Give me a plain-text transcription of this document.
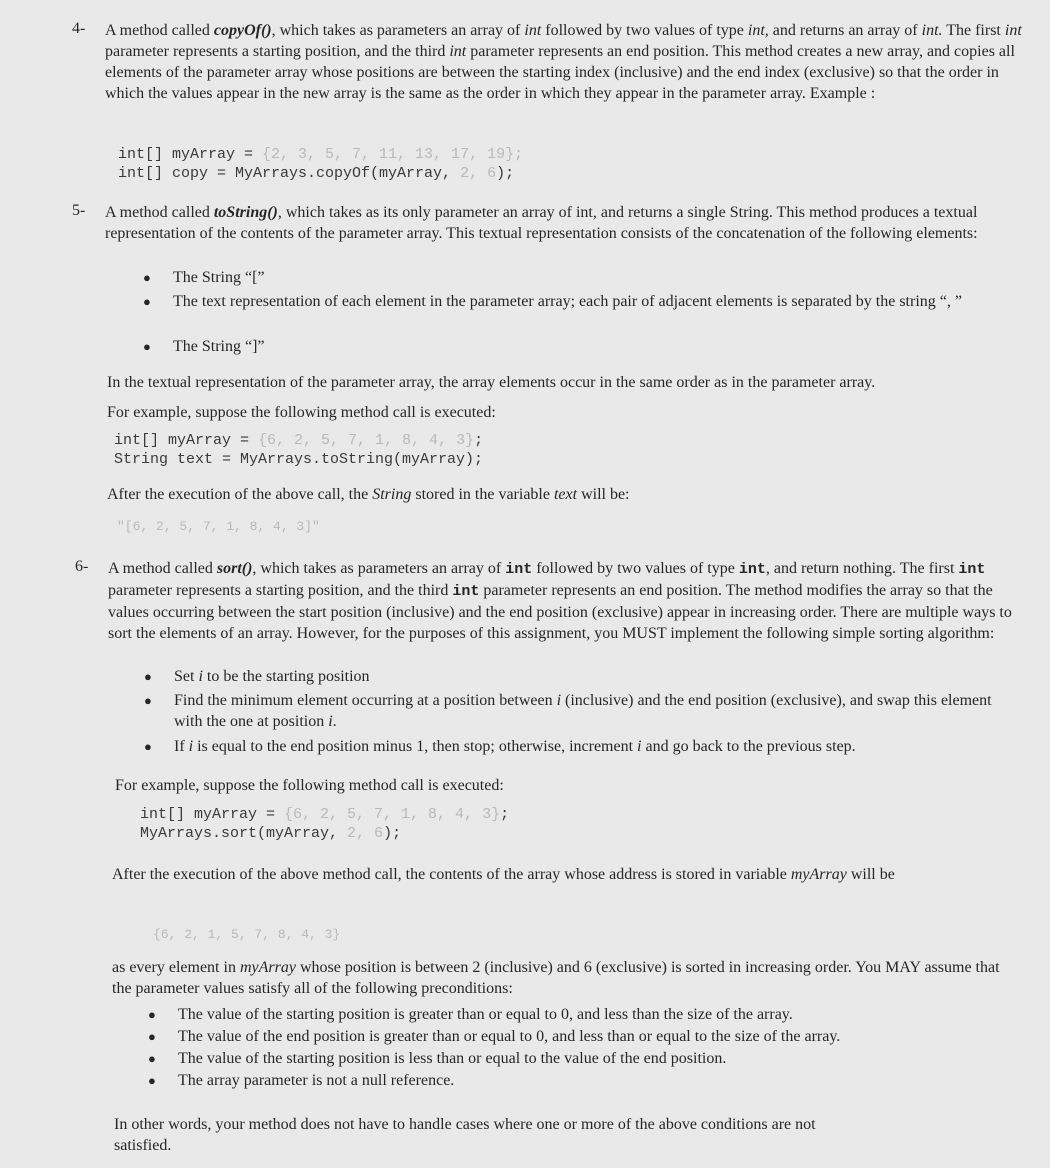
4- A method called copyOf(), which takes as parameters an array of int followed by two values of type int, and returns an array of int. The first int parameter represents a starting position, and the third int parameter represents an end position. This method creates a new array, and copies all elements of the parameter array whose positions are between the starting index (inclusive) and the end index (exclusive) so that the order in which the values appear in the new array is the same as the order in which they appear in the parameter array. Example :

int[] myArray = {2, 3, 5, 7, 11, 13, 17, 19};
int[] copy = MyArrays.copyOf(myArray, 2, 6);
5- A method called toString(), which takes as its only parameter an array of int, and returns a single String. This method produces a textual representation of the contents of the parameter array. This textual representation consists of the concatenation of the following elements:

● The String “[”

● The text representation of each element in the parameter array; each pair of adjacent elements is separated by the string “, ”

● The String “]”

In the textual representation of the parameter array, the array elements occur in the same order as in the parameter array.

For example, suppose the following method call is executed:

int[] myArray = {6, 2, 5, 7, 1, 8, 4, 3};
String text = MyArrays.toString(myArray);

After the execution of the above call, the String stored in the variable text will be:

"[6, 2, 5, 7, 1, 8, 4, 3]"

6- A method called sort(), which takes as parameters an array of int followed by two values of type int, and return nothing. The first int parameter represents a starting position, and the third int parameter represents an end position. The method modifies the array so that the values occurring between the start position (inclusive) and the end position (exclusive) appear in increasing order. There are multiple ways to sort the elements of an array. However, for the purposes of this assignment, you MUST implement the following simple sorting algorithm:

● Set i to be the starting position

● Find the minimum element occurring at a position between i (inclusive) and the end position (exclusive), and swap this element with the one at position i.

● If i is equal to the end position minus 1, then stop; otherwise, increment i and go back to the previous step.

For example, suppose the following method call is executed:

int[] myArray = {6, 2, 5, 7, 1, 8, 4, 3};
MyArrays.sort(myArray, 2, 6);

After the execution of the above method call, the contents of the array whose address is stored in variable myArray will be

{6, 2, 1, 5, 7, 8, 4, 3}

as every element in myArray whose position is between 2 (inclusive) and 6 (exclusive) is sorted in increasing order. You MAY assume that the parameter values satisfy all of the following preconditions:

● The value of the starting position is greater than or equal to 0, and less than the size of the array.

● The value of the end position is greater than or equal to 0, and less than or equal to the size of the array.

● The value of the starting position is less than or equal to the value of the end position.

● The array parameter is not a null reference.

In other words, your method does not have to handle cases where one or more of the above conditions are not satisfied.
